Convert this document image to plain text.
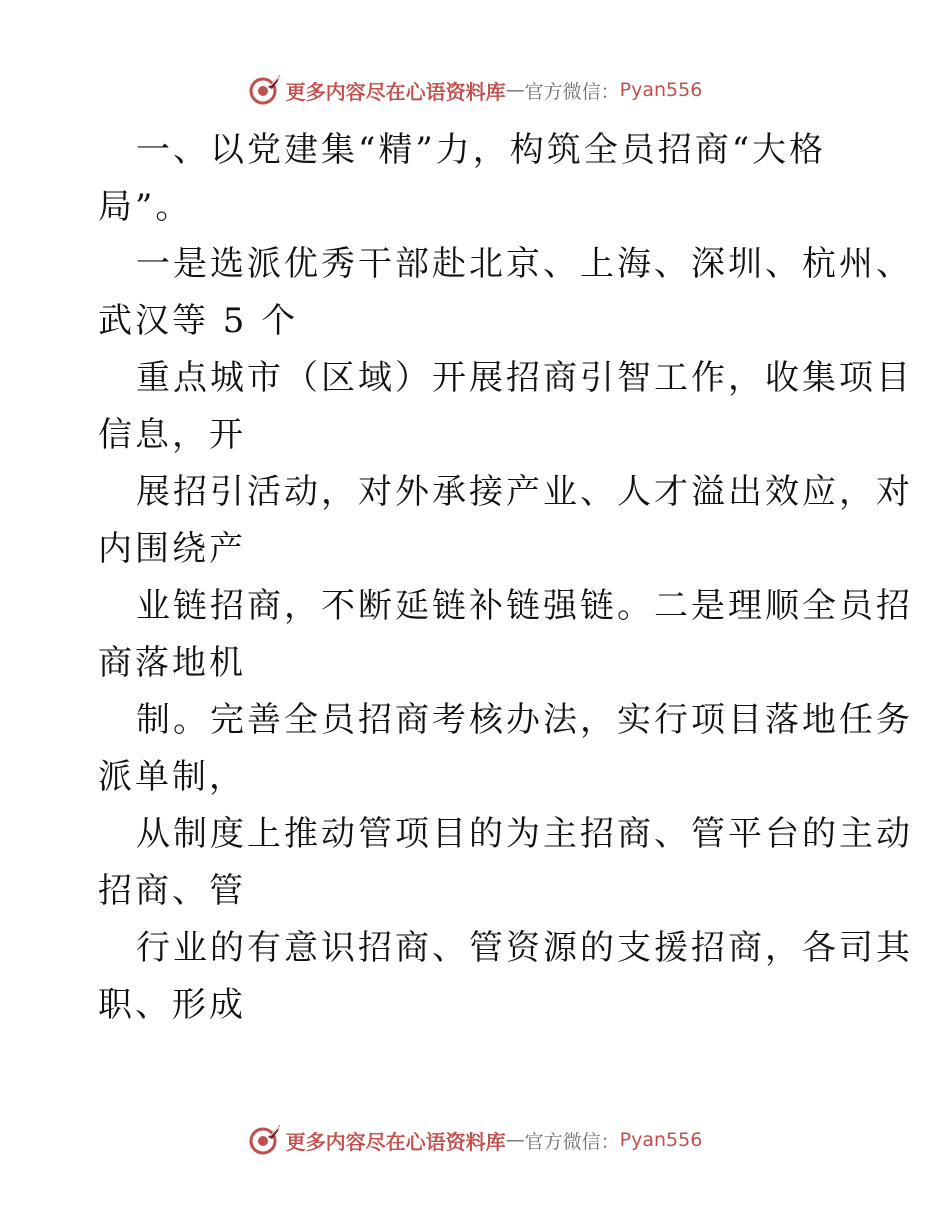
更多内容尽在心语资料库 — 官方微信： Pyan556

一、以党建集“精”力，构筑全员招商“大格
局”。

一是选派优秀干部赴北京、上海、深圳、杭州、
武汉等 5 个

重点城市（区域）开展招商引智工作，收集项目
信息，开

展招引活动，对外承接产业、人才溢出效应，对
内围绕产

业链招商，不断延链补链强链。二是理顺全员招
商落地机

制。完善全员招商考核办法，实行项目落地任务
派单制，

从制度上推动管项目的为主招商、管平台的主动
招商、管

行业的有意识招商、管资源的支援招商，各司其
职、形成

更多内容尽在心语资料库 — 官方微信： Pyan556
